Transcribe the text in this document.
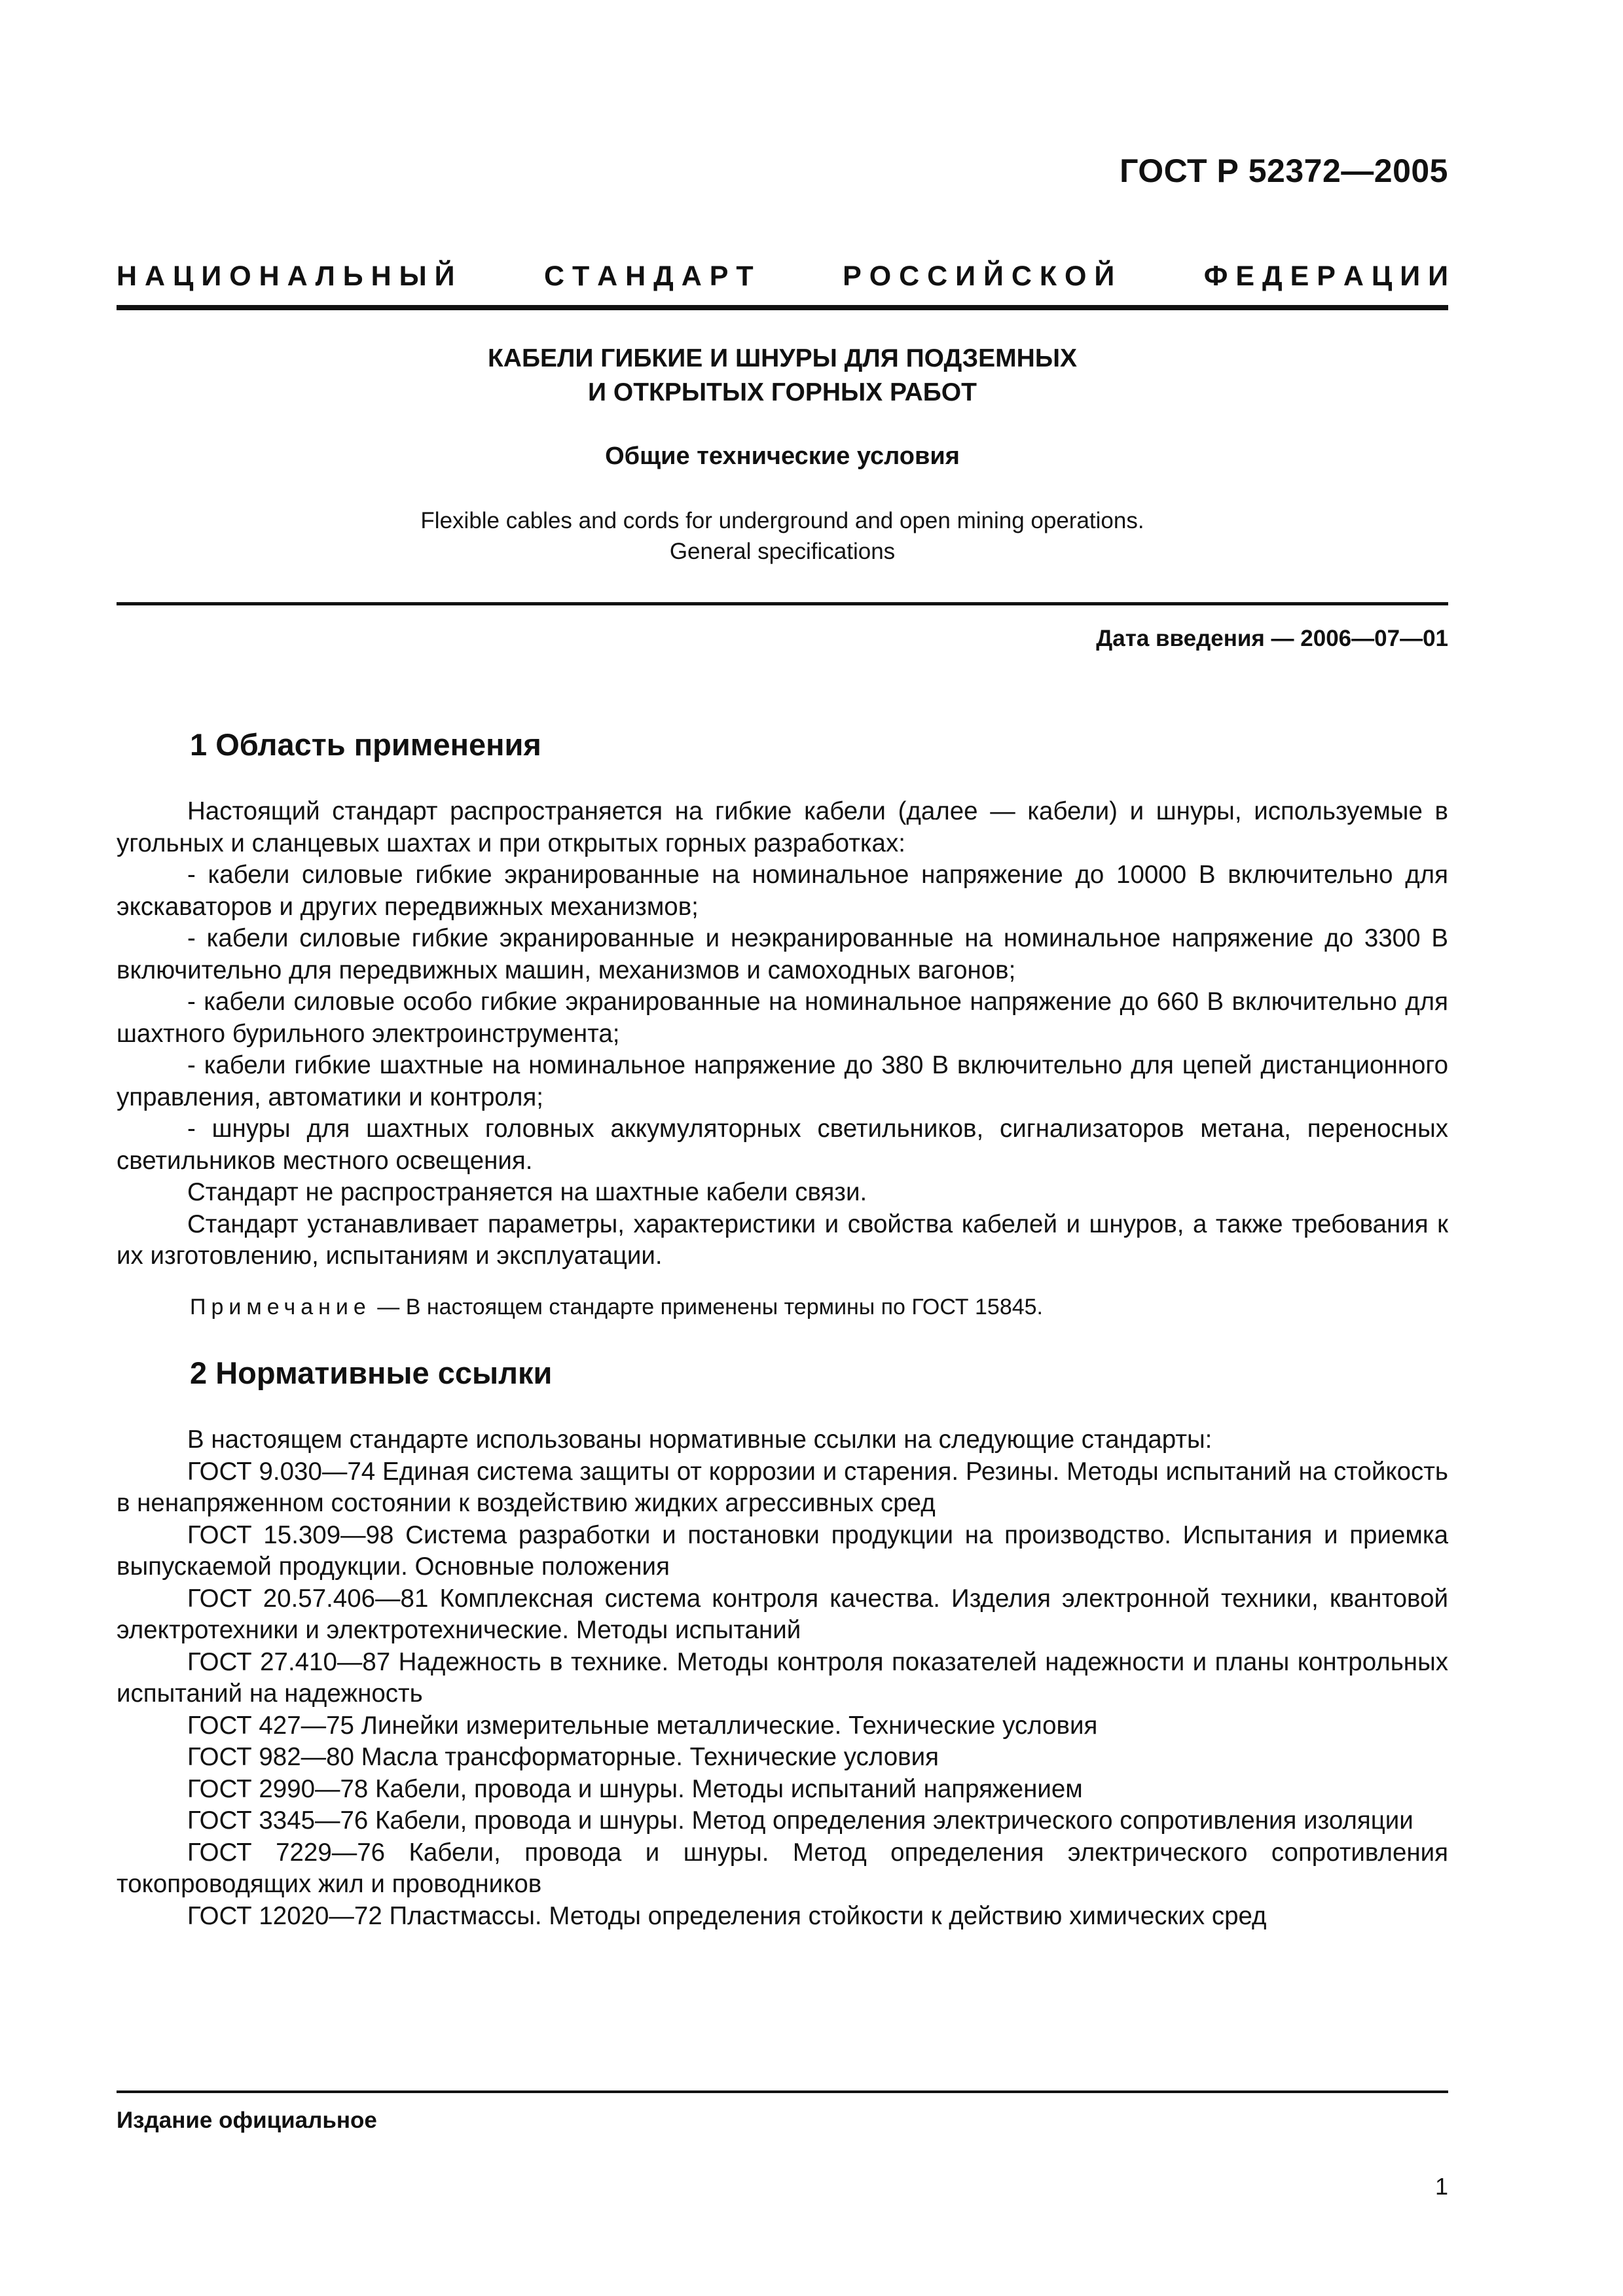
ГОСТ Р 52372—2005
Н А Ц И О Н А Л Ь Н Ы Й	С Т А Н Д А Р Т	Р О С С И Й С К О Й	Ф Е Д Е Р А Ц И И
КАБЕЛИ ГИБКИЕ И ШНУРЫ ДЛЯ ПОДЗЕМНЫХ
И ОТКРЫТЫХ ГОРНЫХ РАБОТ
Общие технические условия
Flexible cables and cords for underground and open mining operations.
General specifications
Дата введения — 2006—07—01
1 Область применения

Настоящий стандарт распространяется на гибкие кабели (далее — кабели) и шнуры, используемые в угольных и сланцевых шахтах и при открытых горных разработках:

- кабели силовые гибкие экранированные на номинальное напряжение до 10000 В включительно для экскаваторов и других передвижных механизмов;

- кабели силовые гибкие экранированные и неэкранированные на номинальное напряжение до 3300 В включительно для передвижных машин, механизмов и самоходных вагонов;

- кабели силовые особо гибкие экранированные на номинальное напряжение до 660 В включительно для шахтного бурильного электроинструмента;

- кабели гибкие шахтные на номинальное напряжение до 380 В включительно для цепей дистанционного управления, автоматики и контроля;

- шнуры для шахтных головных аккумуляторных светильников, сигнализаторов метана, переносных светильников местного освещения.

Стандарт не распространяется на шахтные кабели связи.

Стандарт устанавливает параметры, характеристики и свойства кабелей и шнуров, а также требования к их изготовлению, испытаниям и эксплуатации.

Примечание — В настоящем стандарте применены термины по ГОСТ 15845.
2 Нормативные ссылки

В настоящем стандарте использованы нормативные ссылки на следующие стандарты:

ГОСТ 9.030—74 Единая система защиты от коррозии и старения. Резины. Методы испытаний на стойкость в ненапряженном состоянии к воздействию жидких агрессивных сред

ГОСТ 15.309—98 Система разработки и постановки продукции на производство. Испытания и приемка выпускаемой продукции. Основные положения

ГОСТ 20.57.406—81 Комплексная система контроля качества. Изделия электронной техники, квантовой электротехники и электротехнические. Методы испытаний

ГОСТ 27.410—87 Надежность в технике. Методы контроля показателей надежности и планы контрольных испытаний на надежность

ГОСТ 427—75 Линейки измерительные металлические. Технические условия

ГОСТ 982—80 Масла трансформаторные. Технические условия

ГОСТ 2990—78 Кабели, провода и шнуры. Методы испытаний напряжением

ГОСТ 3345—76 Кабели, провода и шнуры. Метод определения электрического сопротивления изоляции

ГОСТ 7229—76 Кабели, провода и шнуры. Метод определения электрического сопротивления токопроводящих жил и проводников

ГОСТ 12020—72 Пластмассы. Методы определения стойкости к действию химических сред

Издание официальное
1
